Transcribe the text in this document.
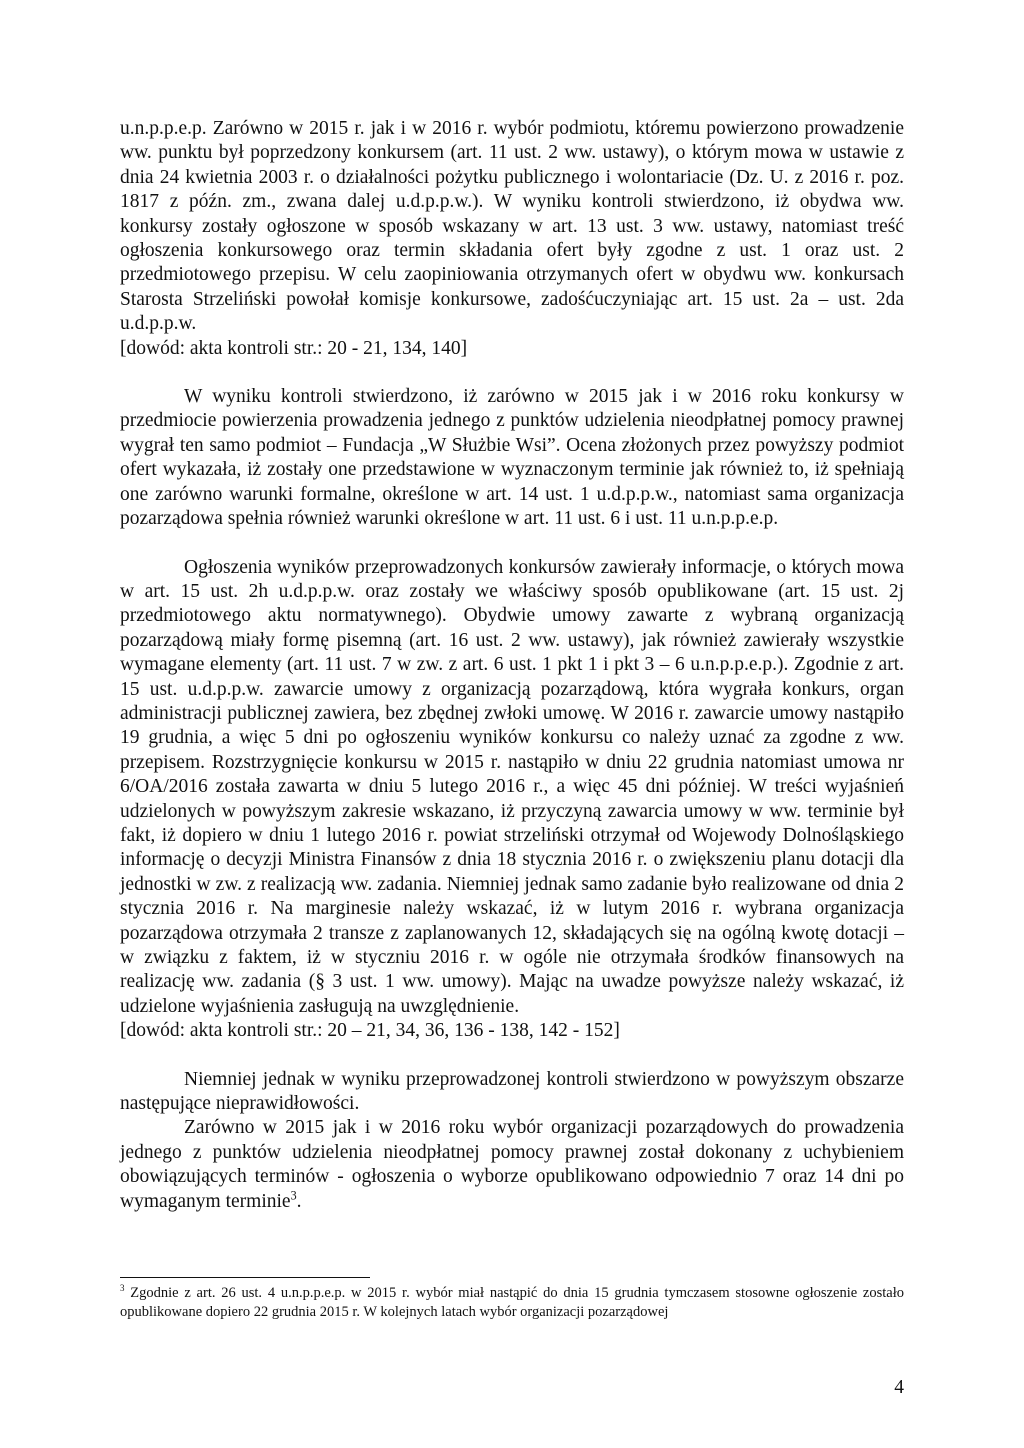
u.n.p.p.e.p. Zarówno w 2015 r. jak i w 2016 r. wybór podmiotu, któremu powierzono prowadzenie ww. punktu był poprzedzony konkursem (art. 11 ust. 2 ww. ustawy), o którym mowa w ustawie z dnia 24 kwietnia 2003 r. o działalności pożytku publicznego i wolontariacie (Dz. U. z 2016 r. poz. 1817 z późn. zm., zwana dalej u.d.p.p.w.). W wyniku kontroli stwierdzono, iż obydwa ww. konkursy zostały ogłoszone w sposób wskazany w art. 13 ust. 3 ww. ustawy, natomiast treść ogłoszenia konkursowego oraz termin składania ofert były zgodne z ust. 1 oraz ust. 2 przedmiotowego przepisu. W celu zaopiniowania otrzymanych ofert w obydwu ww. konkursach Starosta Strzeliński powołał komisje konkursowe, zadośćuczyniając art. 15 ust. 2a – ust. 2da u.d.p.p.w.

[dowód: akta kontroli str.: 20 - 21, 134, 140]

W wyniku kontroli stwierdzono, iż zarówno w 2015 jak i w 2016 roku konkursy w przedmiocie powierzenia prowadzenia jednego z punktów udzielenia nieodpłatnej pomocy prawnej wygrał ten samo podmiot – Fundacja „W Służbie Wsi”. Ocena złożonych przez powyższy podmiot ofert wykazała, iż zostały one przedstawione w wyznaczonym terminie jak również to, iż spełniają one zarówno warunki formalne, określone w art. 14 ust. 1 u.d.p.p.w., natomiast sama organizacja pozarządowa spełnia również warunki określone w art. 11 ust. 6 i ust. 11 u.n.p.p.e.p.

Ogłoszenia wyników przeprowadzonych konkursów zawierały informacje, o których mowa w art. 15 ust. 2h u.d.p.p.w. oraz zostały we właściwy sposób opublikowane (art. 15 ust. 2j przedmiotowego aktu normatywnego). Obydwie umowy zawarte z wybraną organizacją pozarządową miały formę pisemną (art. 16 ust. 2 ww. ustawy), jak również zawierały wszystkie wymagane elementy (art. 11 ust. 7 w zw. z art. 6 ust. 1 pkt 1 i pkt 3 – 6 u.n.p.p.e.p.). Zgodnie z art. 15 ust. u.d.p.p.w. zawarcie umowy z organizacją pozarządową, która wygrała konkurs, organ administracji publicznej zawiera, bez zbędnej zwłoki umowę. W 2016 r. zawarcie umowy nastąpiło 19 grudnia, a więc 5 dni po ogłoszeniu wyników konkursu co należy uznać za zgodne z ww. przepisem. Rozstrzygnięcie konkursu w 2015 r. nastąpiło w dniu 22 grudnia natomiast umowa nr 6/OA/2016 została zawarta w dniu 5 lutego 2016 r., a więc 45 dni później. W treści wyjaśnień udzielonych w powyższym zakresie wskazano, iż przyczyną zawarcia umowy w ww. terminie był fakt, iż dopiero w dniu 1 lutego 2016 r. powiat strzeliński otrzymał od Wojewody Dolnośląskiego informację o decyzji Ministra Finansów z dnia 18 stycznia 2016 r. o zwiększeniu planu dotacji dla jednostki w zw. z realizacją ww. zadania. Niemniej jednak samo zadanie było realizowane od dnia 2 stycznia 2016 r. Na marginesie należy wskazać, iż w lutym 2016 r. wybrana organizacja pozarządowa otrzymała 2 transze z zaplanowanych 12, składających się na ogólną kwotę dotacji – w związku z faktem, iż w styczniu 2016 r. w ogóle nie otrzymała środków finansowych na realizację ww. zadania (§ 3 ust. 1 ww. umowy). Mając na uwadze powyższe należy wskazać, iż udzielone wyjaśnienia zasługują na uwzględnienie.

[dowód: akta kontroli str.: 20 – 21, 34, 36, 136 - 138, 142 - 152]

Niemniej jednak w wyniku przeprowadzonej kontroli stwierdzono w powyższym obszarze następujące nieprawidłowości.

Zarówno w 2015 jak i w 2016 roku wybór organizacji pozarządowych do prowadzenia jednego z punktów udzielenia nieodpłatnej pomocy prawnej został dokonany z uchybieniem obowiązujących terminów - ogłoszenia o wyborze opublikowano odpowiednio 7 oraz 14 dni po wymaganym terminie$^3$.

$^3$ Zgodnie z art. 26 ust. 4 u.n.p.p.e.p. w 2015 r. wybór miał nastąpić do dnia 15 grudnia tymczasem stosowne ogłoszenie zostało opublikowane dopiero 22 grudnia 2015 r. W kolejnych latach wybór organizacji pozarządowej
4
